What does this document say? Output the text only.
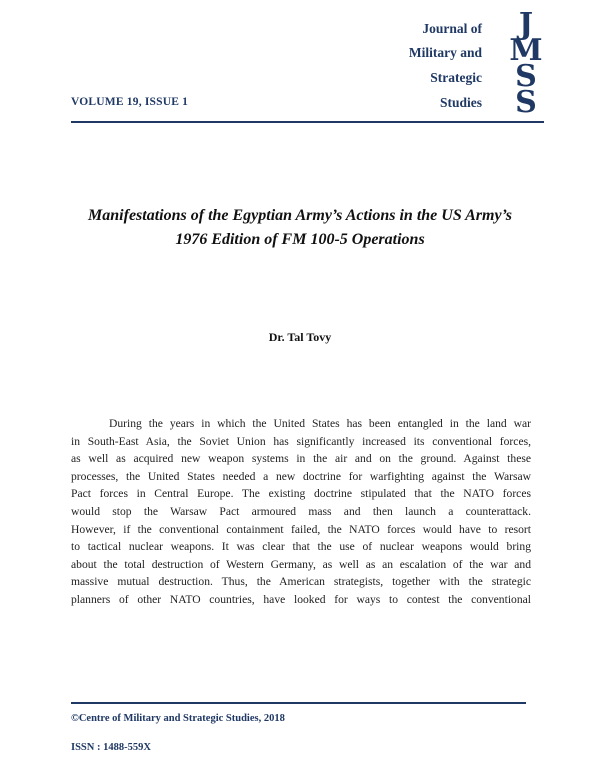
Journal of
Military and
Strategic
Studies
J
M
S
S
VOLUME 19, ISSUE 1
Manifestations of the Egyptian Army’s Actions in the US Army’s
1976 Edition of FM 100-5 Operations
Dr. Tal Tovy

During the years in which the United States has been entangled in the land war
in South-East Asia, the Soviet Union has significantly increased its conventional forces,
as well as acquired new weapon systems in the air and on the ground. Against these
processes, the United States needed a new doctrine for warfighting against the Warsaw
Pact forces in Central Europe. The existing doctrine stipulated that the NATO forces
would stop the Warsaw Pact armoured mass and then launch a counterattack.
However, if the conventional containment failed, the NATO forces would have to resort
to tactical nuclear weapons. It was clear that the use of nuclear weapons would bring
about the total destruction of Western Germany, as well as an escalation of the war and
massive mutual destruction. Thus, the American strategists, together with the strategic
planners of other NATO countries, have looked for ways to contest the conventional

©Centre of Military and Strategic Studies, 2018
ISSN : 1488-559X
